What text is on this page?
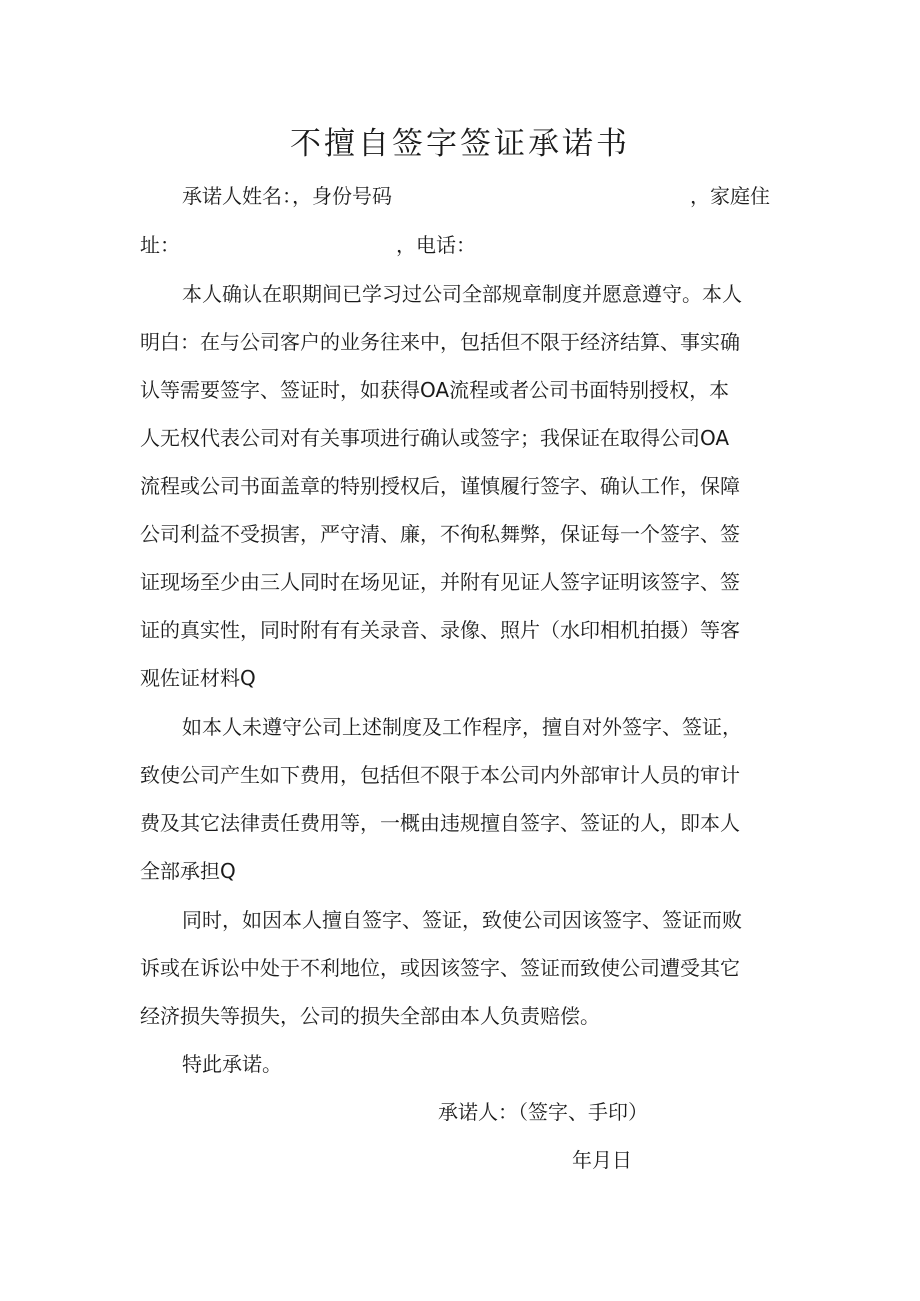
不擅自签字签证承诺书
承诺人姓名：，身份号码	，家庭住
址：	，电话：
本人确认在职期间已学习过公司全部规章制度并愿意遵守。本人
明白：在与公司客户的业务往来中，包括但不限于经济结算、事实确
认等需要签字、签证时，如获得OA流程或者公司书面特别授权，本
人无权代表公司对有关事项进行确认或签字；我保证在取得公司OA
流程或公司书面盖章的特别授权后，谨慎履行签字、确认工作，保障
公司利益不受损害，严守清、廉，不徇私舞弊，保证每一个签字、签
证现场至少由三人同时在场见证，并附有见证人签字证明该签字、签
证的真实性，同时附有有关录音、录像、照片（水印相机拍摄）等客
观佐证材料Q
如本人未遵守公司上述制度及工作程序，擅自对外签字、签证，
致使公司产生如下费用，包括但不限于本公司内外部审计人员的审计
费及其它法律责任费用等，一概由违规擅自签字、签证的人，即本人
全部承担Q
同时，如因本人擅自签字、签证，致使公司因该签字、签证而败
诉或在诉讼中处于不利地位，或因该签字、签证而致使公司遭受其它
经济损失等损失，公司的损失全部由本人负责赔偿。
特此承诺。
承诺人：（签字、手印）
年月日
